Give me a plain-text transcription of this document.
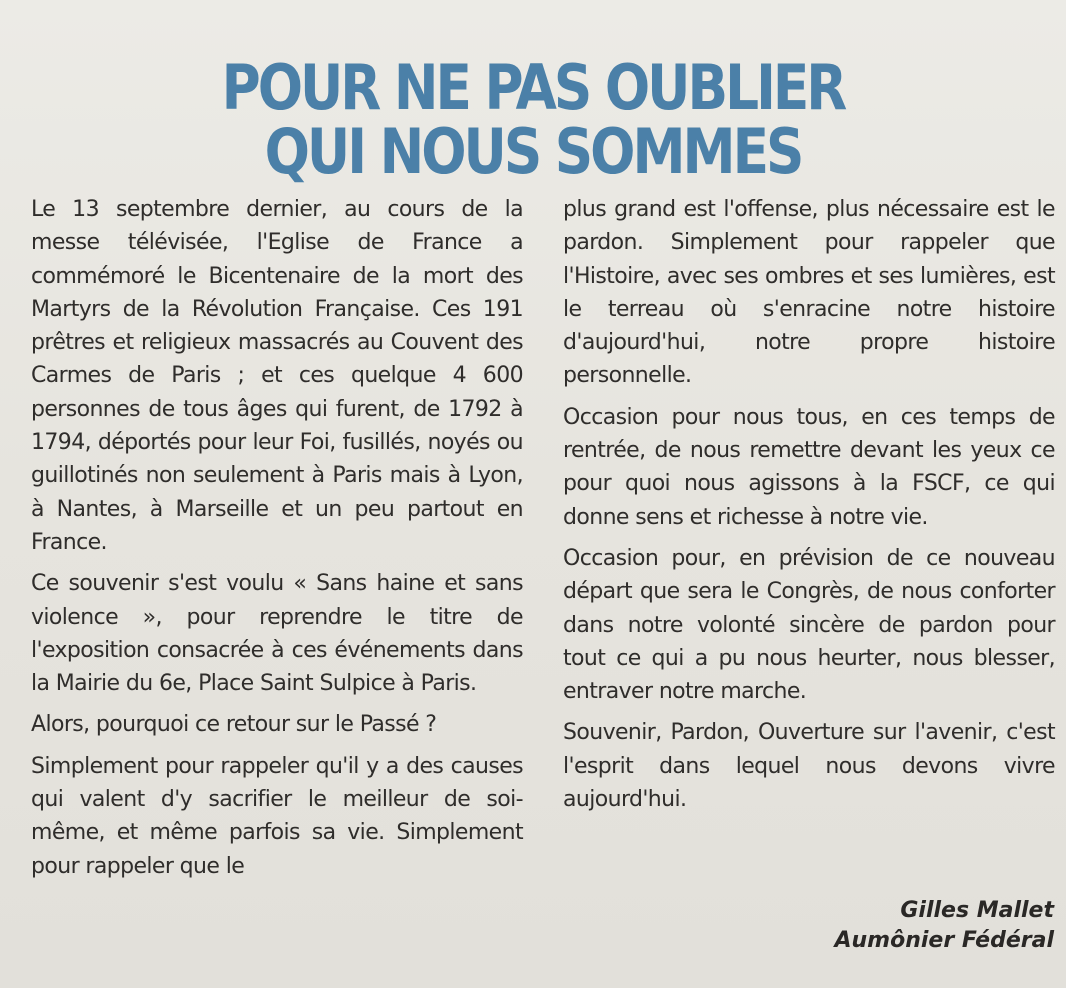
POUR NE PAS OUBLIER
QUI NOUS SOMMES

Le 13 septembre dernier, au cours de la messe télévisée, l'Eglise de France a commémoré le Bicentenaire de la mort des Martyrs de la Révolution Française. Ces 191 prêtres et religieux massacrés au Couvent des Carmes de Paris ; et ces quelque 4 600 personnes de tous âges qui furent, de 1792 à 1794, déportés pour leur Foi, fusillés, noyés ou guillotinés non seulement à Paris mais à Lyon, à Nantes, à Marseille et un peu partout en France.

Ce souvenir s'est voulu « Sans haine et sans violence », pour reprendre le titre de l'exposition consacrée à ces événements dans la Mairie du 6e, Place Saint Sulpice à Paris.

Alors, pourquoi ce retour sur le Passé ?

Simplement pour rappeler qu'il y a des causes qui valent d'y sacrifier le meilleur de soi-même, et même parfois sa vie. Simplement pour rappeler que le

plus grand est l'offense, plus nécessaire est le pardon. Simplement pour rappeler que l'Histoire, avec ses ombres et ses lumières, est le terreau où s'enracine notre histoire d'aujourd'hui, notre propre histoire personnelle.

Occasion pour nous tous, en ces temps de rentrée, de nous remettre devant les yeux ce pour quoi nous agissons à la FSCF, ce qui donne sens et richesse à notre vie.

Occasion pour, en prévision de ce nouveau départ que sera le Congrès, de nous conforter dans notre volonté sincère de pardon pour tout ce qui a pu nous heurter, nous blesser, entraver notre marche.

Souvenir, Pardon, Ouverture sur l'avenir, c'est l'esprit dans lequel nous devons vivre aujourd'hui.

Gilles Mallet
Aumônier Fédéral
